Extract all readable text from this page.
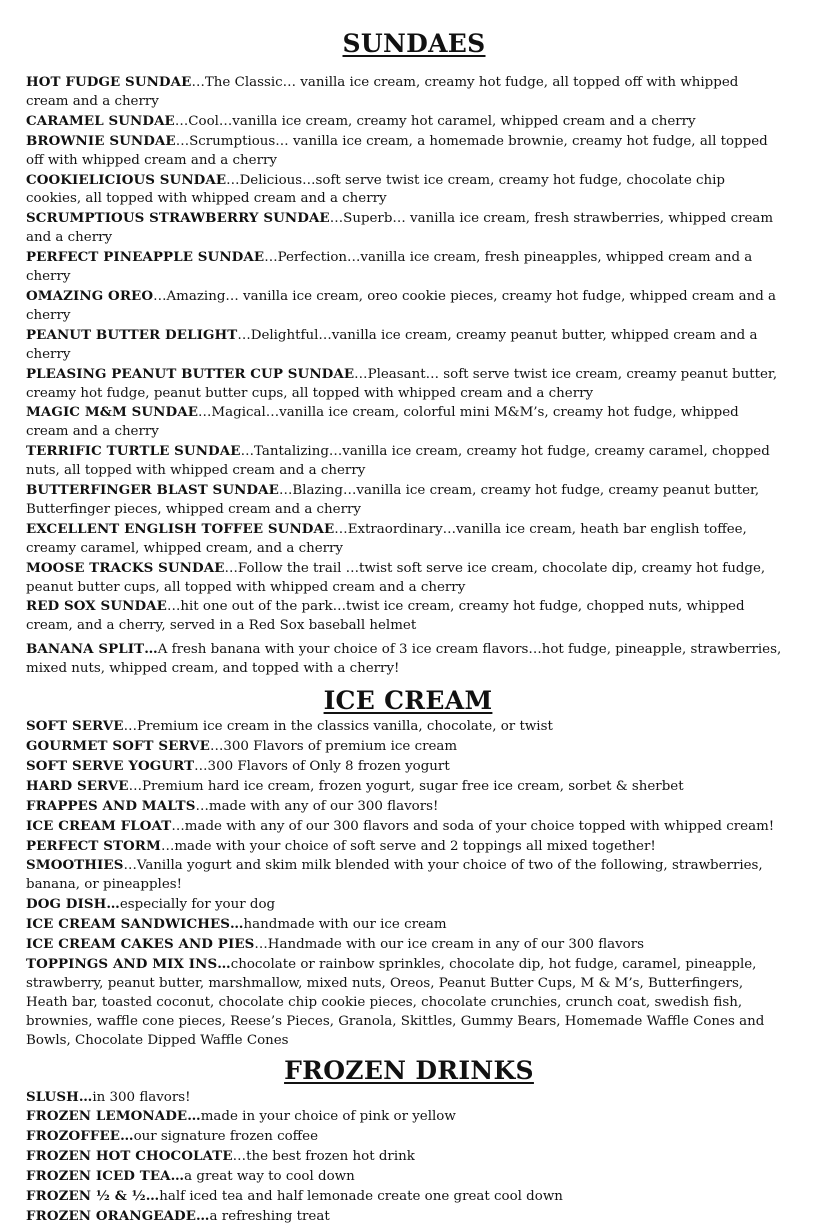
SUNDAES

HOT FUDGE SUNDAE…The Classic… vanilla ice cream, creamy hot fudge, all topped off with whipped cream and a cherry

CARAMEL SUNDAE…Cool…vanilla ice cream, creamy hot caramel, whipped cream and a cherry

BROWNIE SUNDAE…Scrumptious… vanilla ice cream, a homemade brownie, creamy hot fudge, all topped off with whipped cream and a cherry

COOKIELICIOUS SUNDAE…Delicious…soft serve twist ice cream, creamy hot fudge, chocolate chip cookies, all topped with whipped cream and a cherry

SCRUMPTIOUS STRAWBERRY SUNDAE…Superb… vanilla ice cream, fresh strawberries, whipped cream and a cherry

PERFECT PINEAPPLE SUNDAE…Perfection…vanilla ice cream, fresh pineapples, whipped cream and a cherry

OMAZING OREO…Amazing… vanilla ice cream, oreo cookie pieces, creamy hot fudge, whipped cream and a cherry

PEANUT BUTTER DELIGHT…Delightful…vanilla ice cream, creamy peanut butter, whipped cream and a cherry

PLEASING PEANUT BUTTER CUP SUNDAE…Pleasant… soft serve twist ice cream, creamy peanut butter, creamy hot fudge, peanut butter cups, all topped with whipped cream and a cherry

MAGIC M&M SUNDAE…Magical…vanilla ice cream, colorful mini M&M’s, creamy hot fudge, whipped cream and a cherry

TERRIFIC TURTLE SUNDAE…Tantalizing…vanilla ice cream, creamy hot fudge, creamy caramel, chopped nuts, all topped with whipped cream and a cherry

BUTTERFINGER BLAST SUNDAE…Blazing…vanilla ice cream, creamy hot fudge, creamy peanut butter, Butterfinger pieces, whipped cream and a cherry

EXCELLENT ENGLISH TOFFEE SUNDAE…Extraordinary…vanilla ice cream, heath bar english toffee, creamy caramel, whipped cream, and a cherry

MOOSE TRACKS SUNDAE…Follow the trail …twist soft serve ice cream, chocolate dip, creamy hot fudge, peanut butter cups, all topped with whipped cream and a cherry

RED SOX SUNDAE…hit one out of the park…twist ice cream, creamy hot fudge, chopped nuts, whipped cream, and a cherry, served in a Red Sox baseball helmet

BANANA SPLIT…A fresh banana with your choice of 3 ice cream flavors…hot fudge, pineapple, strawberries, mixed nuts, whipped cream, and topped with a cherry!

ICE CREAM

SOFT SERVE…Premium ice cream in the classics vanilla, chocolate, or twist

GOURMET SOFT SERVE…300 Flavors of premium ice cream

SOFT SERVE YOGURT…300 Flavors of Only 8 frozen yogurt

HARD SERVE…Premium hard ice cream, frozen yogurt, sugar free ice cream, sorbet & sherbet

FRAPPES AND MALTS…made with any of our 300 flavors!

ICE CREAM FLOAT…made with any of our 300 flavors and soda of your choice topped with whipped cream!

PERFECT STORM…made with your choice of soft serve and 2 toppings all mixed together!

SMOOTHIES…Vanilla yogurt and skim milk blended with your choice of two of the following, strawberries, banana, or pineapples!

DOG DISH…especially for your dog

ICE CREAM SANDWICHES…handmade with our ice cream

ICE CREAM CAKES AND PIES…Handmade with our ice cream in any of our 300 flavors

TOPPINGS AND MIX INS…chocolate or rainbow sprinkles, chocolate dip, hot fudge, caramel, pineapple, strawberry, peanut butter, marshmallow, mixed nuts, Oreos, Peanut Butter Cups, M & M’s, Butterfingers, Heath bar, toasted coconut, chocolate chip cookie pieces, chocolate crunchies, crunch coat, swedish fish, brownies, waffle cone pieces, Reese’s Pieces, Granola, Skittles, Gummy Bears, Homemade Waffle Cones and Bowls, Chocolate Dipped Waffle Cones

FROZEN DRINKS

SLUSH…in 300 flavors!

FROZEN LEMONADE…made in your choice of pink or yellow

FROZOFFEE…our signature frozen coffee

FROZEN HOT CHOCOLATE…the best frozen hot drink

FROZEN ICED TEA…a great way to cool down

FROZEN ½ & ½…half iced tea and half lemonade create one great cool down

FROZEN ORANGEADE…a refreshing treat
